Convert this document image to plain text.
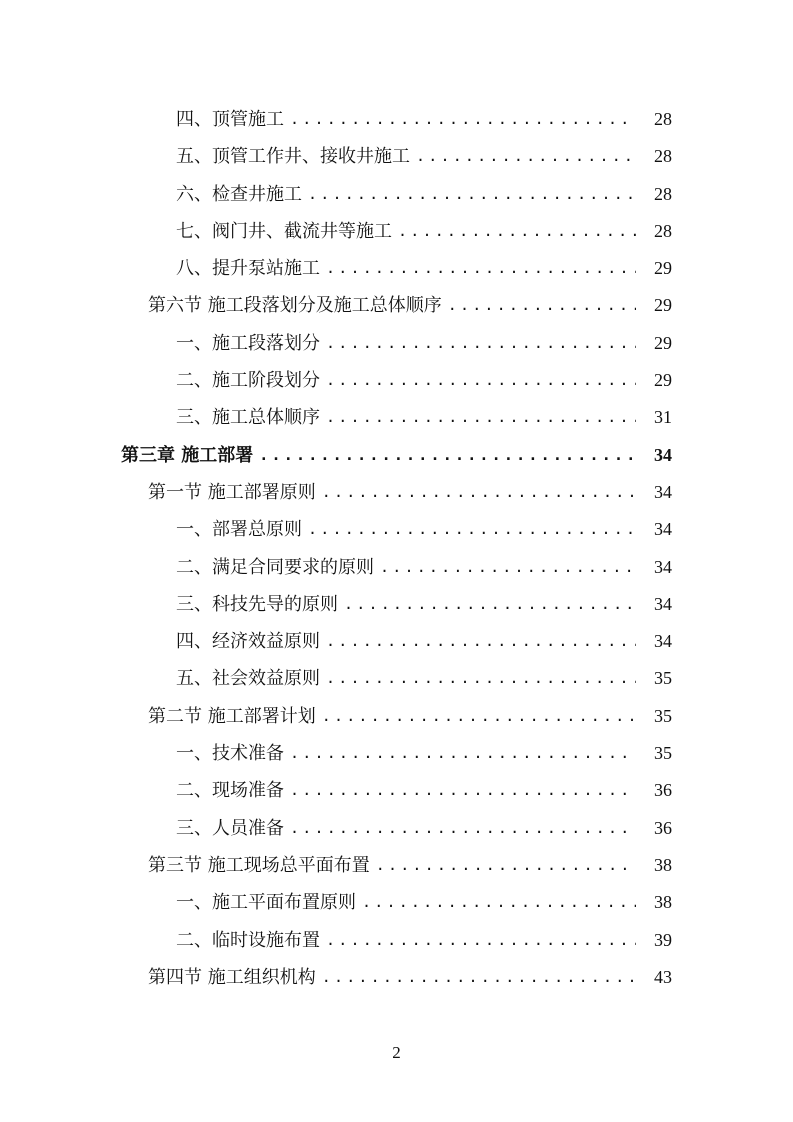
四、顶管施工 .....	28
五、顶管工作井、接收井施工 .....	28
六、检查井施工 .....	28
七、阀门井、截流井等施工 .....	28
八、提升泵站施工 .....	29
第六节 施工段落划分及施工总体顺序 .....	29
一、施工段落划分 .....	29
二、施工阶段划分 .....	29
三、施工总体顺序 .....	31
第三章 施工部署 .....	34
第一节 施工部署原则 .....	34
一、部署总原则 .....	34
二、满足合同要求的原则 .....	34
三、科技先导的原则 .....	34
四、经济效益原则 .....	34
五、社会效益原则 .....	35
第二节 施工部署计划 .....	35
一、技术准备 .....	35
二、现场准备 .....	36
三、人员准备 .....	36
第三节 施工现场总平面布置 .....	38
一、施工平面布置原则 .....	38
二、临时设施布置 .....	39
第四节 施工组织机构 .....	43
2
